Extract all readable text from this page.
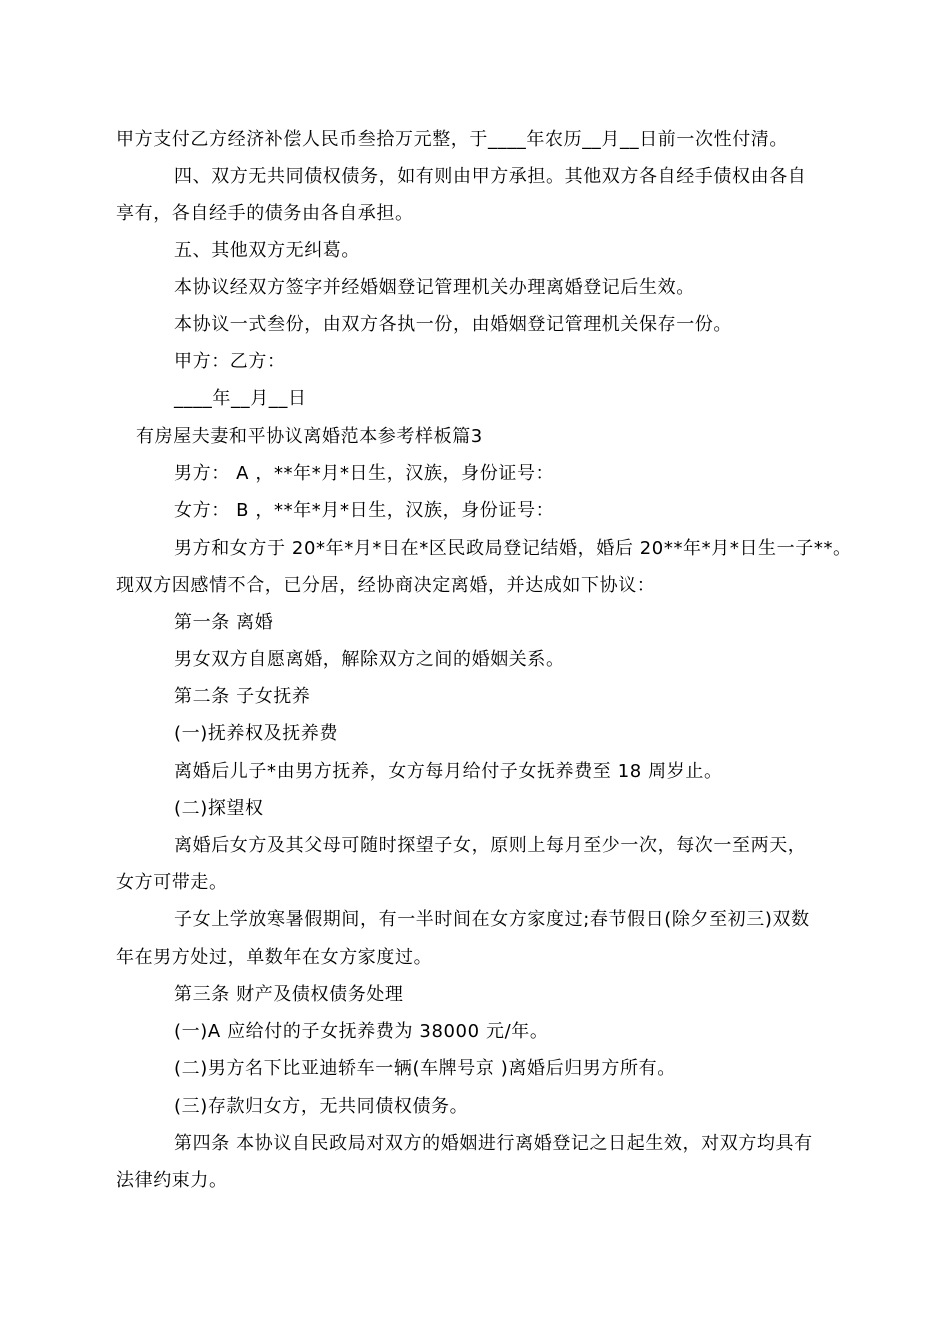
甲方支付乙方经济补偿人民币叁拾万元整，于____年农历__月__日前一次性付清。
四、双方无共同债权债务，如有则由甲方承担。其他双方各自经手债权由各自
享有，各自经手的债务由各自承担。
五、其他双方无纠葛。
本协议经双方签字并经婚姻登记管理机关办理离婚登记后生效。
本协议一式叁份，由双方各执一份，由婚姻登记管理机关保存一份。
甲方：乙方：
____年__月__日
有房屋夫妻和平协议离婚范本参考样板篇3
男方： A ，**年*月*日生，汉族，身份证号：
女方： B ，**年*月*日生，汉族，身份证号：
男方和女方于 20*年*月*日在*区民政局登记结婚，婚后 20**年*月*日生一子**。
现双方因感情不合，已分居，经协商决定离婚，并达成如下协议：
第一条 离婚
男女双方自愿离婚，解除双方之间的婚姻关系。
第二条 子女抚养
(一)抚养权及抚养费
离婚后儿子*由男方抚养，女方每月给付子女抚养费至 18 周岁止。
(二)探望权
离婚后女方及其父母可随时探望子女，原则上每月至少一次，每次一至两天，
女方可带走。
子女上学放寒暑假期间，有一半时间在女方家度过;春节假日(除夕至初三)双数
年在男方处过，单数年在女方家度过。
第三条 财产及债权债务处理
(一)A 应给付的子女抚养费为 38000 元/年。
(二)男方名下比亚迪轿车一辆(车牌号京 )离婚后归男方所有。
(三)存款归女方，无共同债权债务。
第四条 本协议自民政局对双方的婚姻进行离婚登记之日起生效，对双方均具有
法律约束力。
